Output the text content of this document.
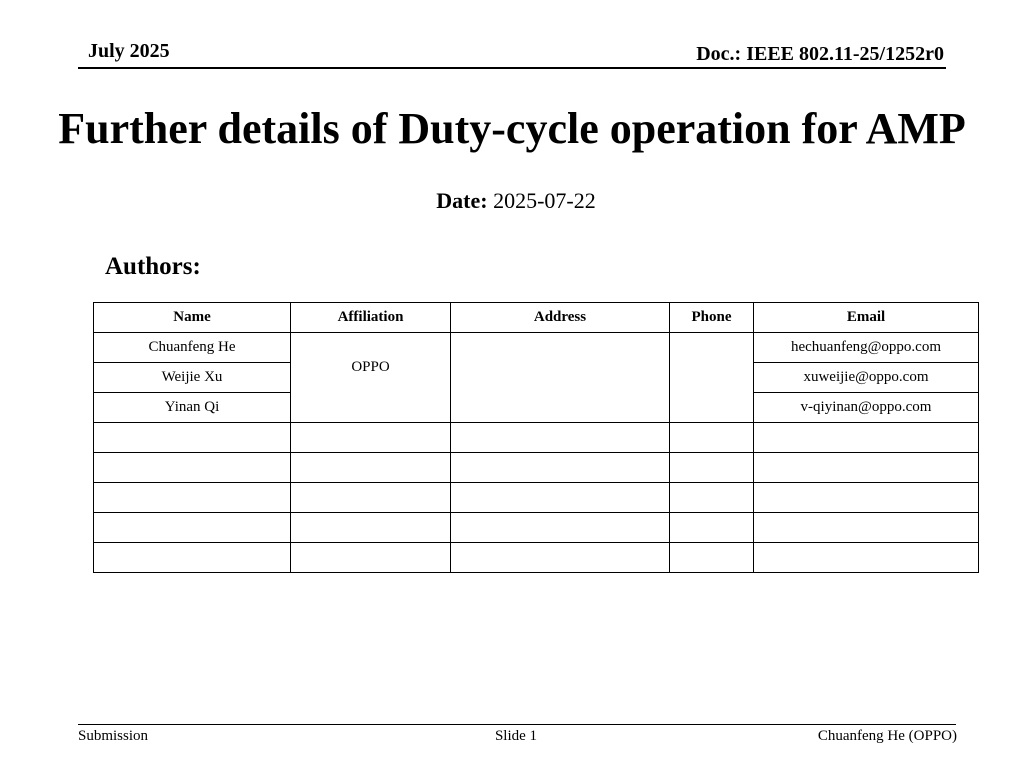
July 2025	Doc.: IEEE 802.11-25/1252r0
Further details of Duty-cycle operation for AMP
Date: 2025-07-22
Authors:
Name	Affiliation	Address	Phone	Email
Chuanfeng He	OPPO			hechuanfeng@oppo.com
Weijie Xu				xuweijie@oppo.com
Yinan Qi				v-qiyinan@oppo.com

Submission	Slide 1	Chuanfeng He (OPPO)
